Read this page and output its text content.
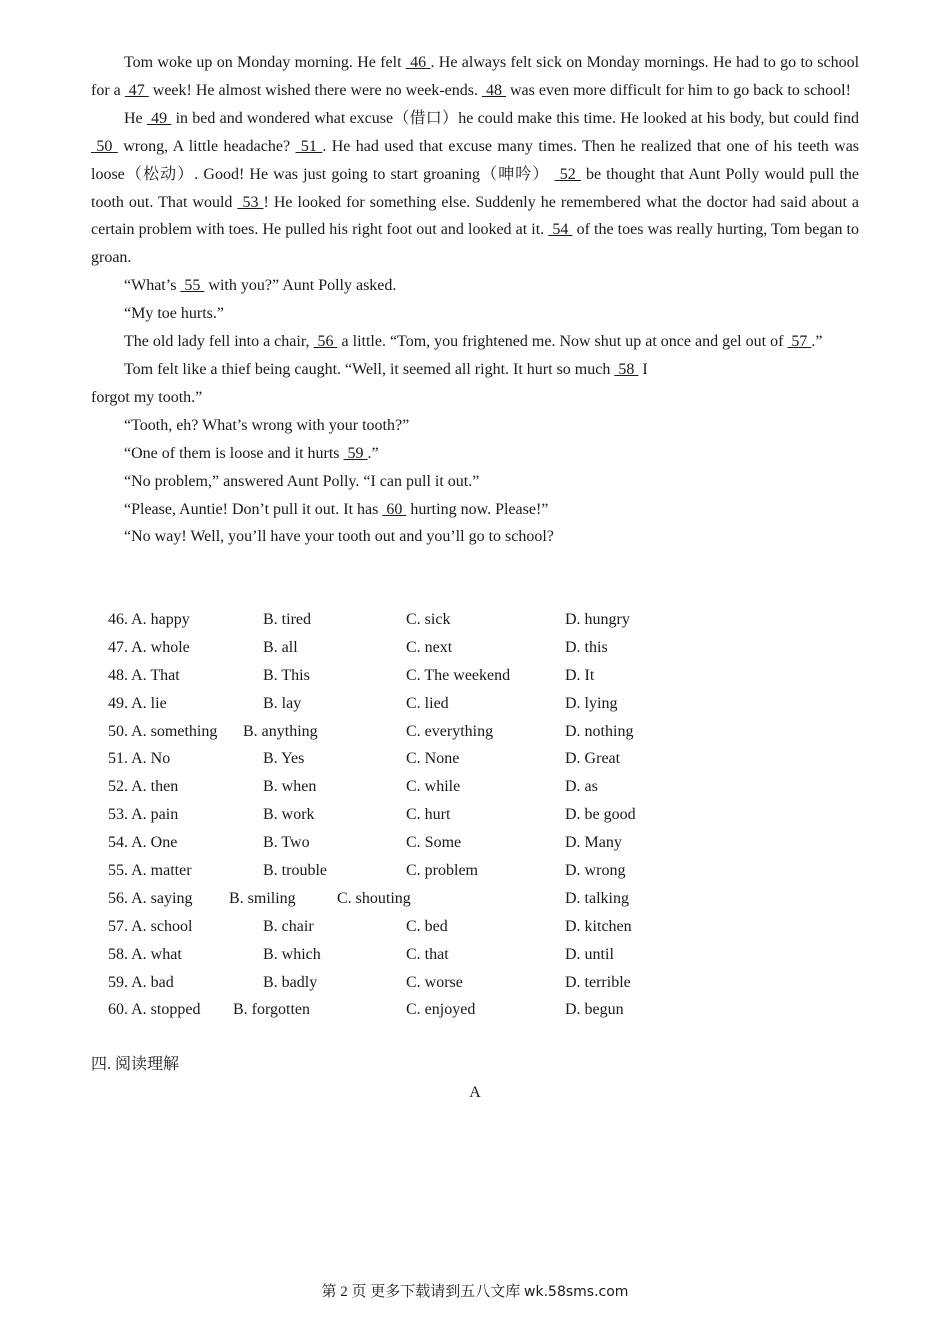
Tom woke up on Monday morning. He felt  46 . He always felt sick on Monday mornings. He had to go to school for a  47  week! He almost wished there were no week-ends.  48  was even more difficult for him to go back to school!

He  49  in bed and wondered what excuse（借口）he could make this time. He looked at his body, but could find  50  wrong, A little headache?  51 . He had used that excuse many times. Then he realized that one of his teeth was loose（松动）. Good! He was just going to start groaning（呻吟）  52  be thought that Aunt Polly would pull the tooth out. That would  53 ! He looked for something else. Suddenly he remembered what the doctor had said about a certain problem with toes. He pulled his right foot out and looked at it.  54  of the toes was really hurting, Tom began to groan.

“What’s  55  with you?” Aunt Polly asked.

“My toe hurts.”

The old lady fell into a chair,  56  a little. “Tom, you frightened me. Now shut up at once and gel out of  57 .”

Tom felt like a thief being caught. “Well, it seemed all right. It hurt so much  58  I

forgot my tooth.”

“Tooth, eh? What’s wrong with your tooth?”

“One of them is loose and it hurts  59 .”

“No problem,” answered Aunt Polly. “I can pull it out.”

“Please, Auntie! Don’t pull it out. It has  60  hurting now. Please!”

“No way! Well, you’ll have your tooth out and you’ll go to school?

46. A. happy	B. tired	C. sick	D. hungry
47. A. whole	B. all	C. next	D. this
48. A. That	B. This	C. The weekend	D. It
49. A. lie	B. lay	C. lied	D. lying
50. A. something B. anything	C. everything	D. nothing
51. A. No	B. Yes	C. None	D. Great
52. A. then	B. when	C. while	D. as
53. A. pain	B. work	C. hurt	D. be good
54. A. One	B. Two	C. Some	D. Many
55. A. matter	B. trouble	C. problem	D. wrong
56. A. saying B. smiling	C. shouting	D. talking
57. A. school	B. chair	C. bed	D. kitchen
58. A. what	B. which	C. that	D. until
59. A. bad	B. badly	C. worse	D. terrible
60. A. stopped B. forgotten	C. enjoyed	D. begun
四. 阅读理解
A
第 2 页 更多下载请到五八文库 wk.58sms.com
